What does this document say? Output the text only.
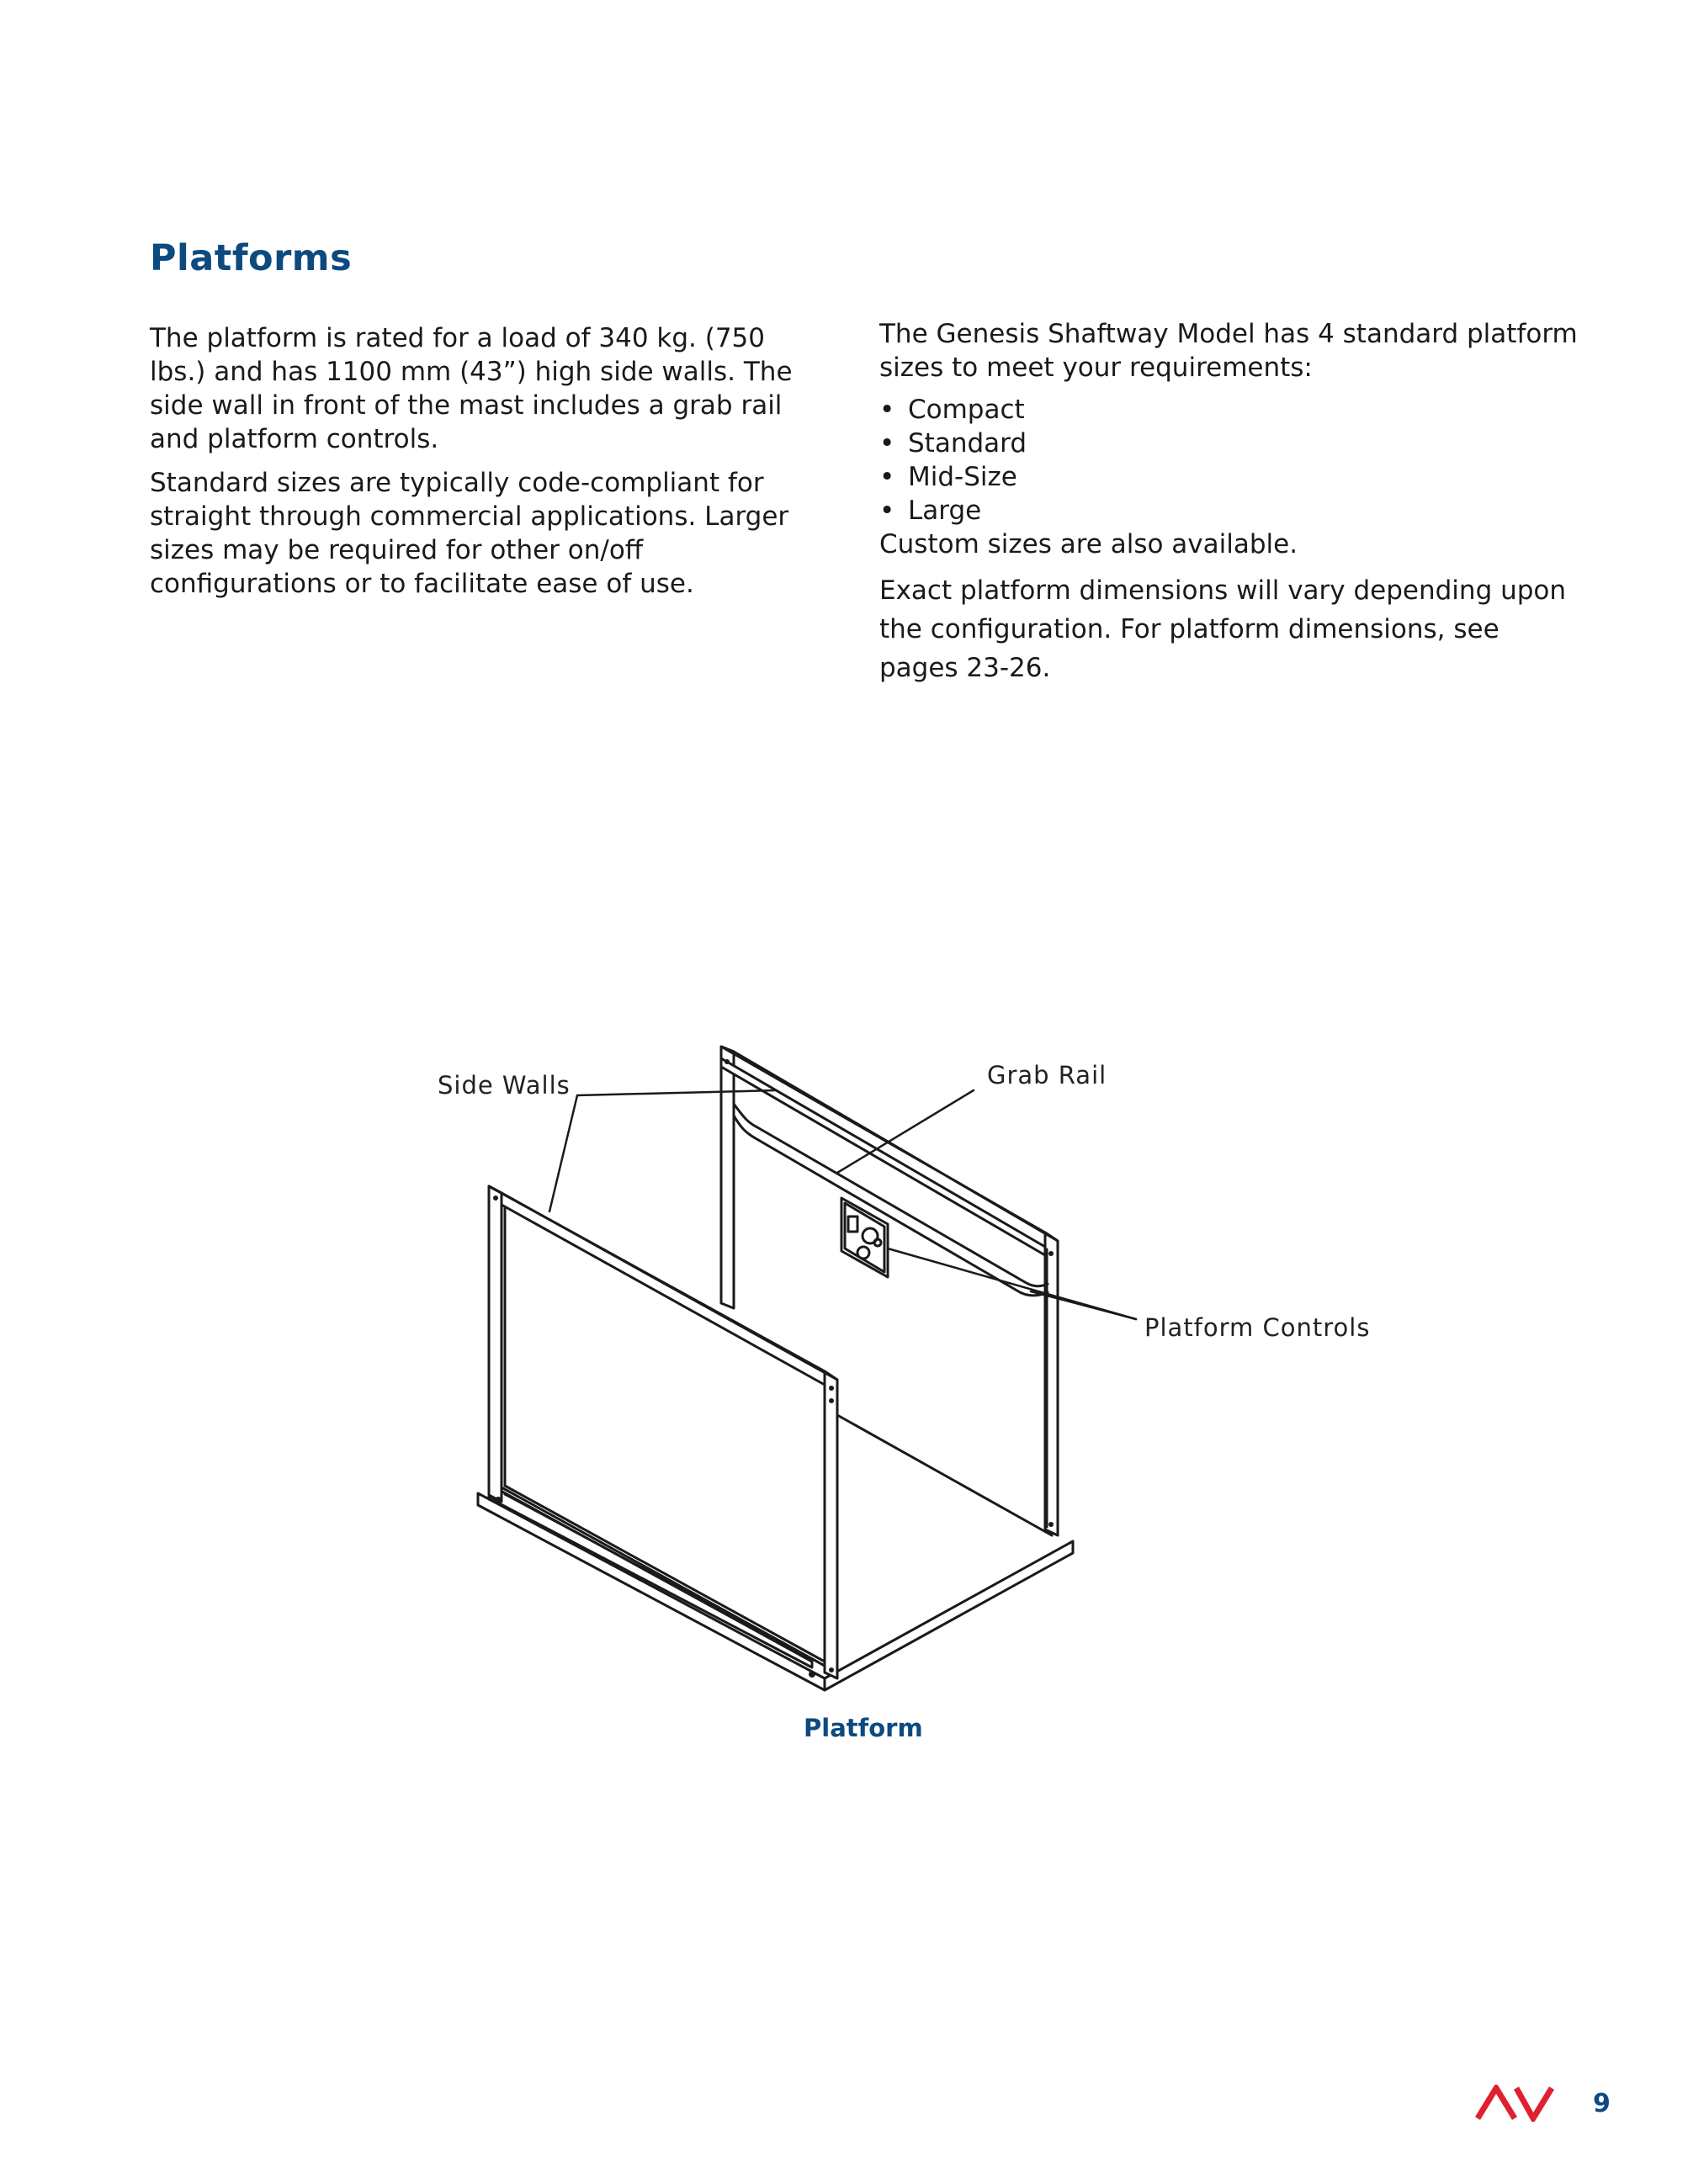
Platforms

The platform is rated for a load of 340 kg. (750 lbs.) and has 1100 mm (43”) high side walls. The side wall in front of the mast includes a grab rail and platform controls.

Standard sizes are typically code-compliant for straight through commercial applications. Larger sizes may be required for other on/off configurations or to facilitate ease of use.

The Genesis Shaftway Model has 4 standard platform sizes to meet your requirements:

• Compact
• Standard
• Mid-Size
• Large

Custom sizes are also available.

Exact platform dimensions will vary depending upon the configuration. For platform dimensions, see pages 23-26.

Side Walls	Grab Rail
Platform Controls
Platform
9
